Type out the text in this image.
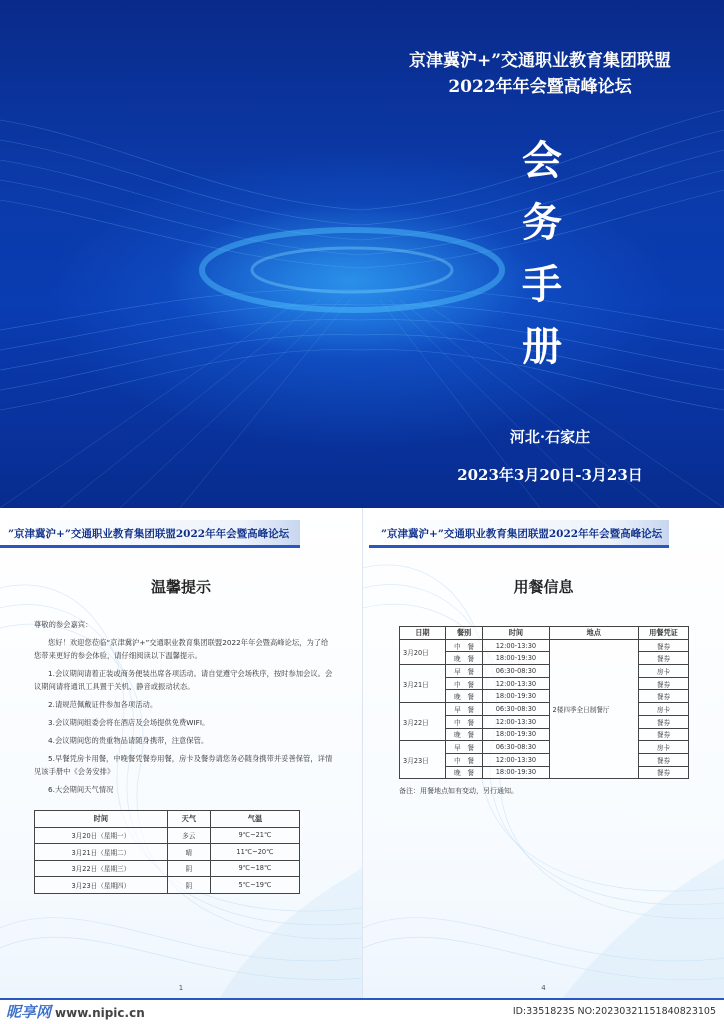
京津冀沪+”交通职业教育集团联盟
2022年年会暨高峰论坛
会
务
手
册
河北·石家庄
2023年3月20日-3月23日
”京津冀沪+”交通职业教育集团联盟2022年年会暨高峰论坛
温馨提示

尊敬的参会嘉宾：

您好！欢迎您莅临“京津冀沪+”交通职业教育集团联盟2022年年会暨高峰论坛，为了给您带来更好的参会体验，请仔细阅读以下温馨提示。

1.会议期间请着正装或商务便装出席各项活动。请自觉遵守会场秩序，按时参加会议。会议期间请将通讯工具置于关机、静音或振动状态。

2.请规范佩戴证件参加各项活动。

3.会议期间组委会将在酒店及会场提供免费WIFI。

4.会议期间您的贵重物品请随身携带，注意保管。

5.早餐凭房卡用餐，中晚餐凭餐券用餐，房卡及餐券请您务必随身携带并妥善保管，详情见该手册中《会务安排》

6.大会期间天气情况

时间	天气	气温
3月20日（星期一）	多云	9℃~21℃
3月21日（星期二）	晴	11℃~20℃
3月22日（星期三）	阴	9℃~18℃
3月23日（星期四）	阴	5℃~19℃
1
”京津冀沪+”交通职业教育集团联盟2022年年会暨高峰论坛
用餐信息
日期	餐别	时间	地点	用餐凭证
3月20日	中　餐	12:00-13:30	2楼四季全日制餐厅	餐券
	晚　餐	18:00-19:30		餐券
3月21日	早　餐	06:30-08:30		房卡
	中　餐	12:00-13:30		餐券
	晚　餐	18:00-19:30		餐券
3月22日	早　餐	06:30-08:30		房卡
	中　餐	12:00-13:30		餐券
	晚　餐	18:00-19:30		餐券
3月23日	早　餐	06:30-08:30		房卡
	中　餐	12:00-13:30		餐券
	晚　餐	18:00-19:30		餐券
备注：用餐地点如有变动，另行通知。
4
昵享网 www.nipic.cn	ID:3351823S NO:20230321151840823105
